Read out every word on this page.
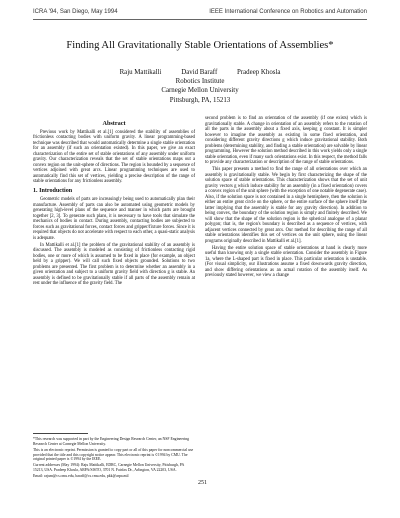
ICRA '94, San Diego, May 1994	IEEE International Conference on Robotics and Automation
Finding All Gravitationally Stable Orientations of Assemblies*
Raju Mattikalli	David Baraff	Pradeep Khosla
Robotics Institute
Carnegie Mellon University
Pittsburgh, PA, 15213
Abstract

Previous work by Mattikalli et al.[1] considered the stability of assemblies of frictionless contacting bodies with uniform gravity. A linear programming-based technique was described that would automatically determine a single stable orientation for an assembly (if such an orientation existed). In this paper, we give an exact characterization of the entire set of stable orientations of any assembly under uniform gravity. Our characterization reveals that the set of stable orientations maps out a convex region on the unit-sphere of directions. The region is bounded by a sequence of vertices adjoined with great arcs. Linear programming techniques are used to automatically find this set of vertices, yielding a precise description of the range of stable orientations for any frictionless assembly.

1. Introduction

Geometric models of parts are increasingly being used to automatically plan their manufacture. Assembly of parts can also be automated using geometric models by generating high-level plans of the sequence and manner in which parts are brought together [2, 3]. To generate such plans, it is necessary to have tools that simulate the mechanics of bodies in contact. During assembly, contacting bodies are subjected to forces such as gravitational forces, contact forces and gripper/fixture forces. Since it is required that objects do not accelerate with respect to each other, a quasi-static analysis is adequate.

In Mattikalli et al.[1] the problem of the gravitational stability of an assembly is discussed. The assembly is modeled as consisting of frictionless contacting rigid bodies, one or more of which is assumed to be fixed in place (for example, an object held by a gripper). We will call such fixed objects grounded. Solutions to two problems are presented. The first problem is to determine whether an assembly in a given orientation and subject to a uniform gravity field with direction g is stable. An assembly is defined to be gravitationally stable if all parts of the assembly remain at rest under the influence of the gravity field. The

*This research was supported in part by the Engineering Design Research Center, an NSF Engineering Research Center at Carnegie Mellon University.

This is an electronic reprint. Permission is granted to copy part or all of this paper for noncommercial use provided that the title and this copyright notice appear. This electronic reprint is ©1994 by CMU. The original printed paper is ©1994 by the IEEE.

Current addresses (May 1994): Raju Mattikalli, EDRC, Carnegie Mellon University, Pittsburgh, PA 15213, USA. Pradeep Khosla, ARPA/SISTO, 3701 N. Fairfax Dr., Arlington, VA 22203, USA.

Email: rajum@cs.cmu.edu, baraff@cs.cmu.edu, pkk@arpa.mil

second problem is to find an orientation of the assembly (if one exists) which is gravitationally stable. A change in orientation of an assembly refers to the rotation of all the parts in the assembly about a fixed axis, keeping g constant. It is simpler however to imagine the assembly as existing in some fixed orientation, and considering different gravity directions g which induce gravitational stability. Both problems (determining stability, and finding a stable orientation) are solvable by linear programming. However the solution method described in this work yields only a single stable orientation, even if many such orientations exist. In this respect, the method falls to provide any characterization or description of the range of stable orientations.

This paper presents a method to find the range of all orientations over which an assembly is gravitationally stable. We begin by first characterizing the shape of the solution space of stable orientations. This characterization shows that the set of unit gravity vectors g which induce stability for an assembly (in a fixed orientation) covers a convex region of the unit sphere (with the exception of one notable degenerate case). Also, if the solution space is not contained in a single hemisphere, then the solution is either an entire great circle on the sphere, or the entire surface of the sphere itself (the latter implying that the assembly is stable for any gravity direction). In addition to being convex, the boundary of the solution region is simply and finitely described. We will show that the shape of the solution region is the spherical analogue of a planar polygon; that is, the region's boundary is described as a sequence of vertices, with adjacent vertices connected by great arcs. Our method for describing the range of all stable orientations identifies this set of vertices on the unit sphere, using the linear programs originally described in Mattikalli et al.[1].

Having the entire solution space of stable orientations at hand is clearly more useful than knowing only a single stable orientation. Consider the assembly in Figure 1a, where the L-shaped part is fixed in place. This particular orientation is unstable. (For visual simplicity, our illustrations assume a fixed downwards gravity direction, and show differing orientations as an actual rotation of the assembly itself. As previously stated however, we view a change

251
